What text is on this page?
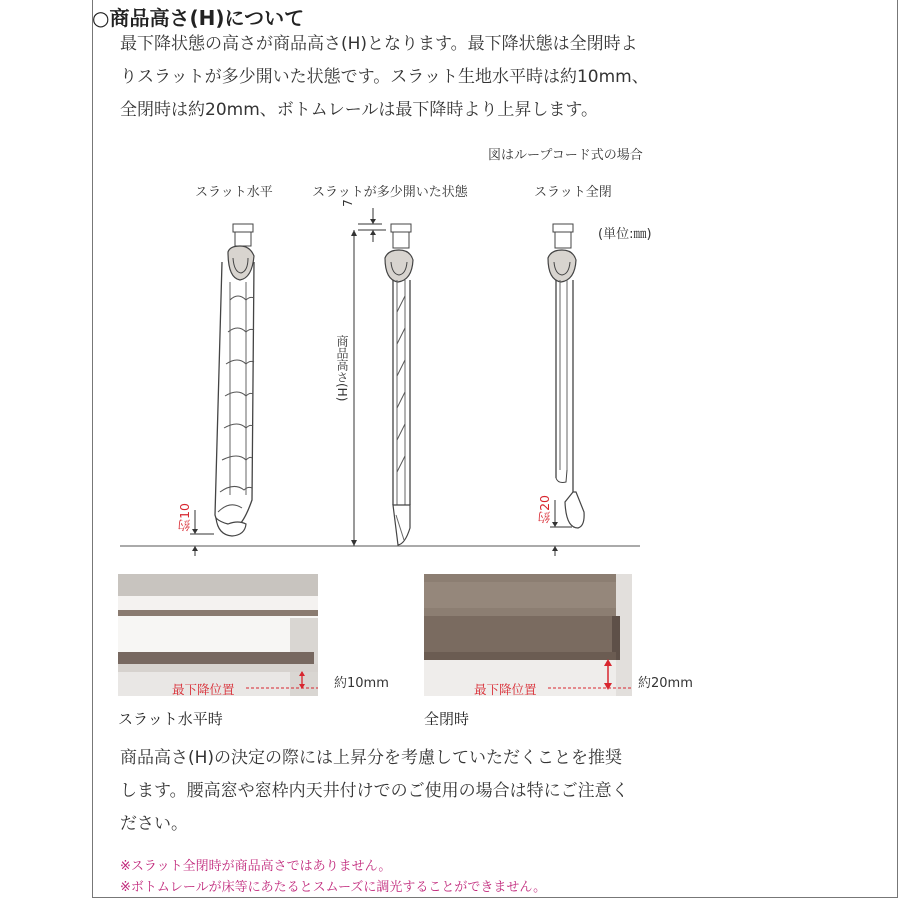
○商品高さ(H)について
最下降状態の高さが商品高さ(H)となります。最下降状態は全閉時よ
りスラットが多少開いた状態です。スラット生地水平時は約10mm、
全閉時は約20mm、ボトムレールは最下降時より上昇します。
図はループコード式の場合
スラット水平	スラットが多少開いた状態	スラット全閉
(単位:㎜)
7
商品高さ(H)
約10	約20
最下降位置	約10mm
スラット水平時
最下降位置	約20mm
全閉時
商品高さ(H)の決定の際には上昇分を考慮していただくことを推奨
します。腰高窓や窓枠内天井付けでのご使用の場合は特にご注意く
ださい。
※スラット全閉時が商品高さではありません。
※ボトムレールが床等にあたるとスムーズに調光することができません。
